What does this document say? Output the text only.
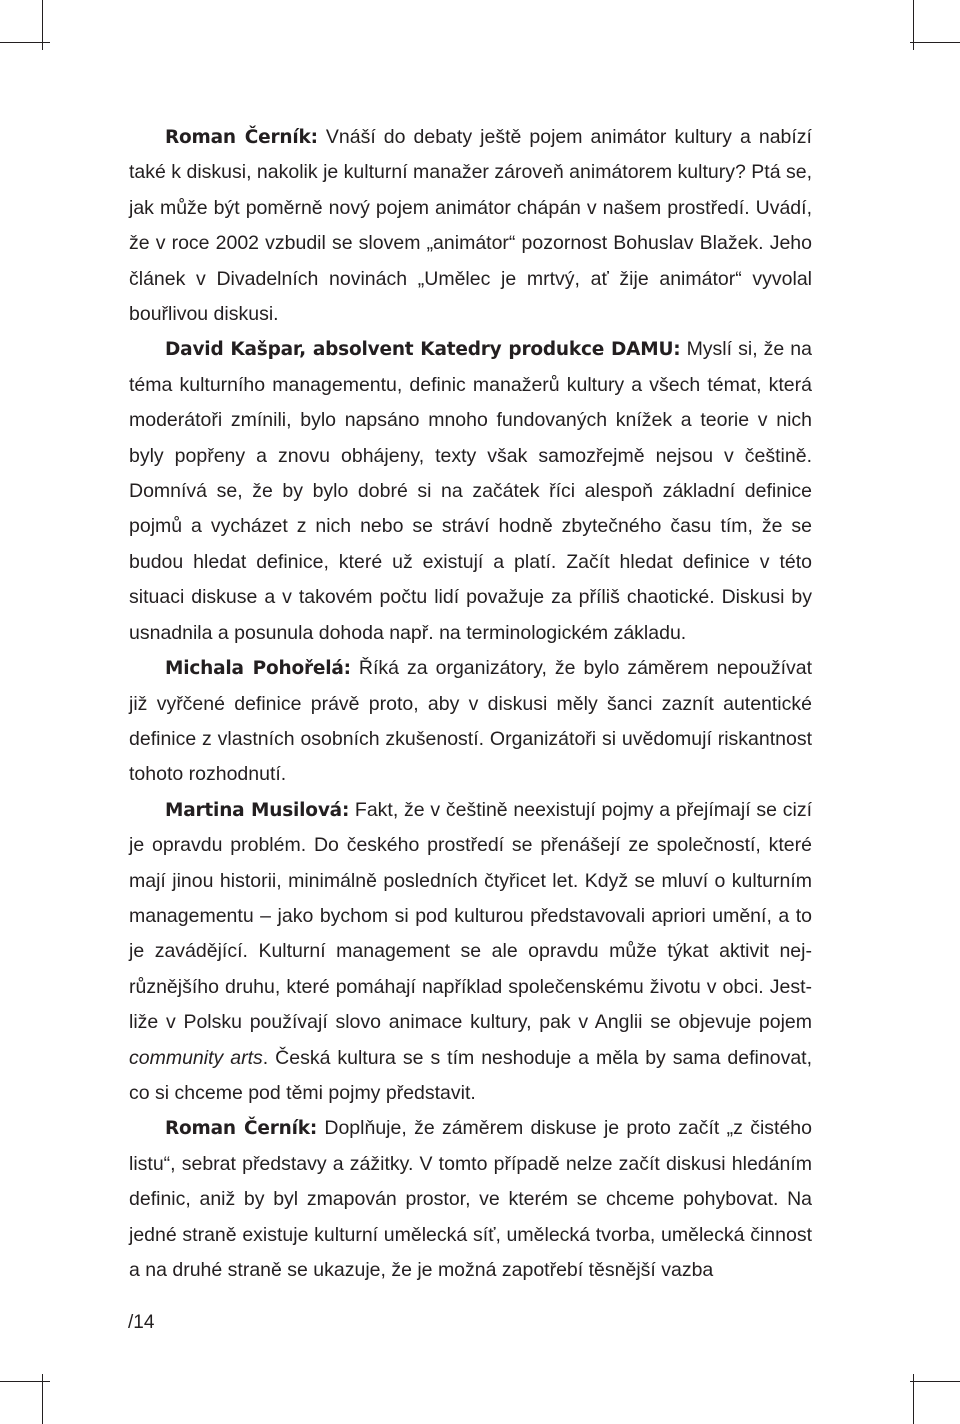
Roman Černík: Vnáší do debaty ještě pojem animátor kultury a nabízí také k diskusi, nakolik je kulturní manažer zároveň animátorem kultury? Ptá se, jak může být poměrně nový pojem animátor chápán v našem prostředí. Uvádí, že v roce 2002 vzbudil se slovem „animátor“ pozornost Bohuslav Blažek. Jeho článek v Divadelních novinách „Umělec je mrtvý, ať žije animátor“ vyvolal bouřlivou diskusi.

David Kašpar, absolvent Katedry produkce DAMU: Myslí si, že na téma kulturního managementu, definic manažerů kultury a všech témat, která moderátoři zmínili, bylo napsáno mnoho fundovaných knížek a teorie v nich byly popřeny a znovu obhájeny, texty však samozřejmě nejsou v češtině. Domnívá se, že by bylo dobré si na začátek říci alespoň základní definice pojmů a vycházet z nich nebo se stráví hodně zbytečného času tím, že se budou hledat definice, které už existují a platí. Začít hledat definice v této situaci diskuse a v takovém počtu lidí považuje za příliš chaotické. Diskusi by usnadnila a posunula dohoda např. na terminologickém základu.

Michala Pohořelá: Říká za organizátory, že bylo záměrem nepoužívat již vyřčené definice právě proto, aby v diskusi měly šanci zaznít autentické definice z vlastních osobních zkušeností. Organizátoři si uvědomují riskantnost tohoto rozhodnutí.

Martina Musilová: Fakt, že v češtině neexistují pojmy a přejímají se cizí je opravdu problém. Do českého prostředí se přenášejí ze společností, které mají jinou historii, minimálně posledních čtyřicet let. Když se mluví o kulturním managementu – jako bychom si pod kulturou představovali apriori umění, a to je zavádějící. Kulturní management se ale opravdu může týkat aktivit nejrůznějšího druhu, které pomáhají například společenskému životu v obci. Jestliže v Polsku používají slovo animace kultury, pak v Anglii se objevuje pojem community arts. Česká kultura se s tím neshoduje a měla by sama definovat, co si chceme pod těmi pojmy představit.

Roman Černík: Doplňuje, že záměrem diskuse je proto začít „z čistého listu“, sebrat představy a zážitky. V tomto případě nelze začít diskusi hledáním definic, aniž by byl zmapován prostor, ve kterém se chceme pohybovat. Na jedné straně existuje kulturní umělecká síť, umělecká tvorba, umělecká činnost a na druhé straně se ukazuje, že je možná zapotřebí těsnější vazba

/14
